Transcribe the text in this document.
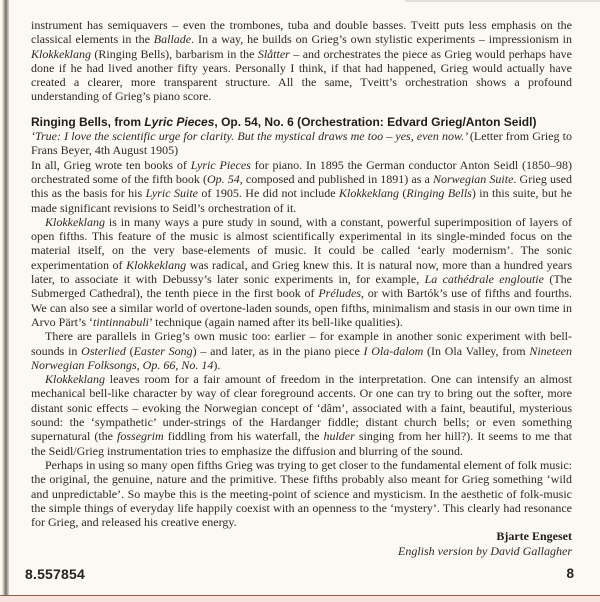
instrument has semiquavers – even the trombones, tuba and double basses. Tveitt puts less emphasis on the classical elements in the Ballade. In a way, he builds on Grieg’s own stylistic experiments – impressionism in Klokkeklang (Ringing Bells), barbarism in the Slåtter – and orchestrates the piece as Grieg would perhaps have done if he had lived another fifty years. Personally I think, if that had happened, Grieg would actually have created a clearer, more transparent structure. All the same, Tveitt’s orchestration shows a profound understanding of Grieg’s piano score.

Ringing Bells, from Lyric Pieces, Op. 54, No. 6 (Orchestration: Edvard Grieg/Anton Seidl)

‘True: I love the scientific urge for clarity. But the mystical draws me too – yes, even now.’ (Letter from Grieg to Frans Beyer, 4th August 1905)

In all, Grieg wrote ten books of Lyric Pieces for piano. In 1895 the German conductor Anton Seidl (1850–98) orchestrated some of the fifth book (Op. 54, composed and published in 1891) as a Norwegian Suite. Grieg used this as the basis for his Lyric Suite of 1905. He did not include Klokkeklang (Ringing Bells) in this suite, but he made significant revisions to Seidl’s orchestration of it.

Klokkeklang is in many ways a pure study in sound, with a constant, powerful superimposition of layers of open fifths. This feature of the music is almost scientifically experimental in its single-minded focus on the material itself, on the very base-elements of music. It could be called ‘early modernism’. The sonic experimentation of Klokkeklang was radical, and Grieg knew this. It is natural now, more than a hundred years later, to associate it with Debussy’s later sonic experiments in, for example, La cathédrale engloutie (The Submerged Cathedral), the tenth piece in the first book of Préludes, or with Bartók’s use of fifths and fourths. We can also see a similar world of overtone-laden sounds, open fifths, minimalism and stasis in our own time in Arvo Pärt’s ‘tintinnabuli’ technique (again named after its bell-like qualities).

There are parallels in Grieg’s own music too: earlier – for example in another sonic experiment with bell-sounds in Osterlied (Easter Song) – and later, as in the piano piece I Ola-dalom (In Ola Valley, from Nineteen Norwegian Folksongs, Op. 66, No. 14).

Klokkeklang leaves room for a fair amount of freedom in the interpretation. One can intensify an almost mechanical bell-like character by way of clear foreground accents. Or one can try to bring out the softer, more distant sonic effects – evoking the Norwegian concept of ‘dâm’, associated with a faint, beautiful, mysterious sound: the ‘sympathetic’ under-strings of the Hardanger fiddle; distant church bells; or even something supernatural (the fossegrim fiddling from his waterfall, the hulder singing from her hill?). It seems to me that the Seidl/Grieg instrumentation tries to emphasize the diffusion and blurring of the sound.

Perhaps in using so many open fifths Grieg was trying to get closer to the fundamental element of folk music: the original, the genuine, nature and the primitive. These fifths probably also meant for Grieg something ‘wild and unpredictable’. So maybe this is the meeting-point of science and mysticism. In the aesthetic of folk-music the simple things of everyday life happily coexist with an openness to the ‘mystery’. This clearly had resonance for Grieg, and released his creative energy.

Bjarte Engeset

English version by David Gallagher

8.557854	8
